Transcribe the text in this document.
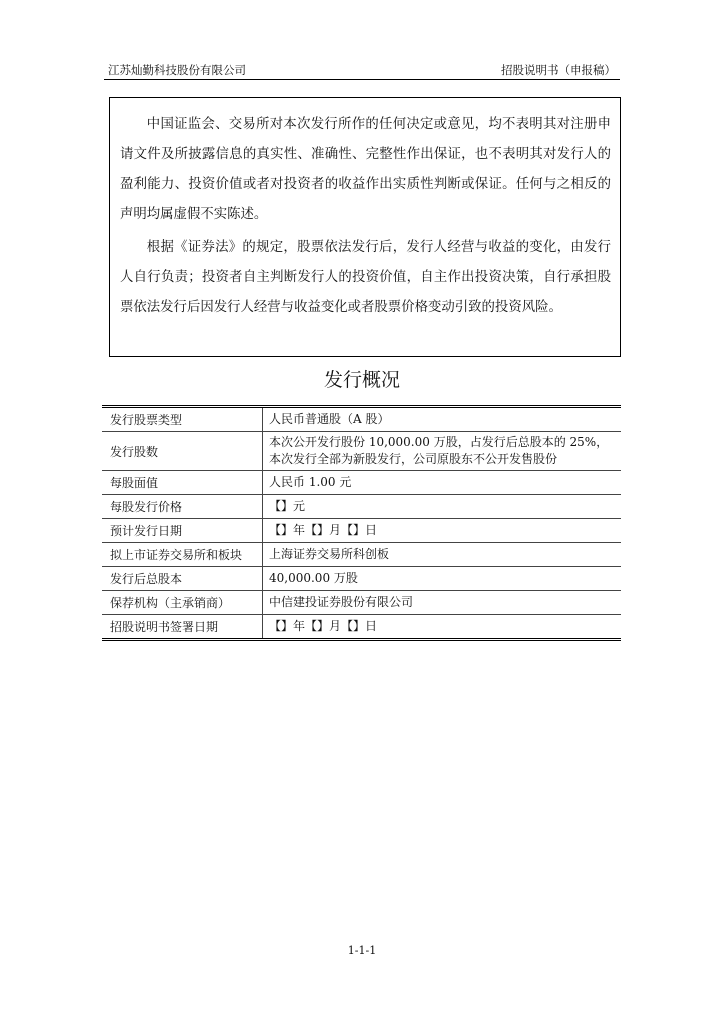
江苏灿勤科技股份有限公司	招股说明书（申报稿）

中国证监会、交易所对本次发行所作的任何决定或意见，均不表明其对注册申请文件及所披露信息的真实性、准确性、完整性作出保证，也不表明其对发行人的盈利能力、投资价值或者对投资者的收益作出实质性判断或保证。任何与之相反的声明均属虚假不实陈述。

根据《证券法》的规定，股票依法发行后，发行人经营与收益的变化，由发行人自行负责；投资者自主判断发行人的投资价值，自主作出投资决策，自行承担股票依法发行后因发行人经营与收益变化或者股票价格变动引致的投资风险。

发行概况
发行股票类型	人民币普通股（A 股）
发行股数	本次公开发行股份 10,000.00 万股，占发行后总股本的 25%，本次发行全部为新股发行，公司原股东不公开发售股份
每股面值	人民币 1.00 元
每股发行价格	【】元
预计发行日期	【】年【】月【】日
拟上市证券交易所和板块	上海证券交易所科创板
发行后总股本	40,000.00 万股
保荐机构（主承销商）	中信建投证券股份有限公司
招股说明书签署日期	【】年【】月【】日
1-1-1
